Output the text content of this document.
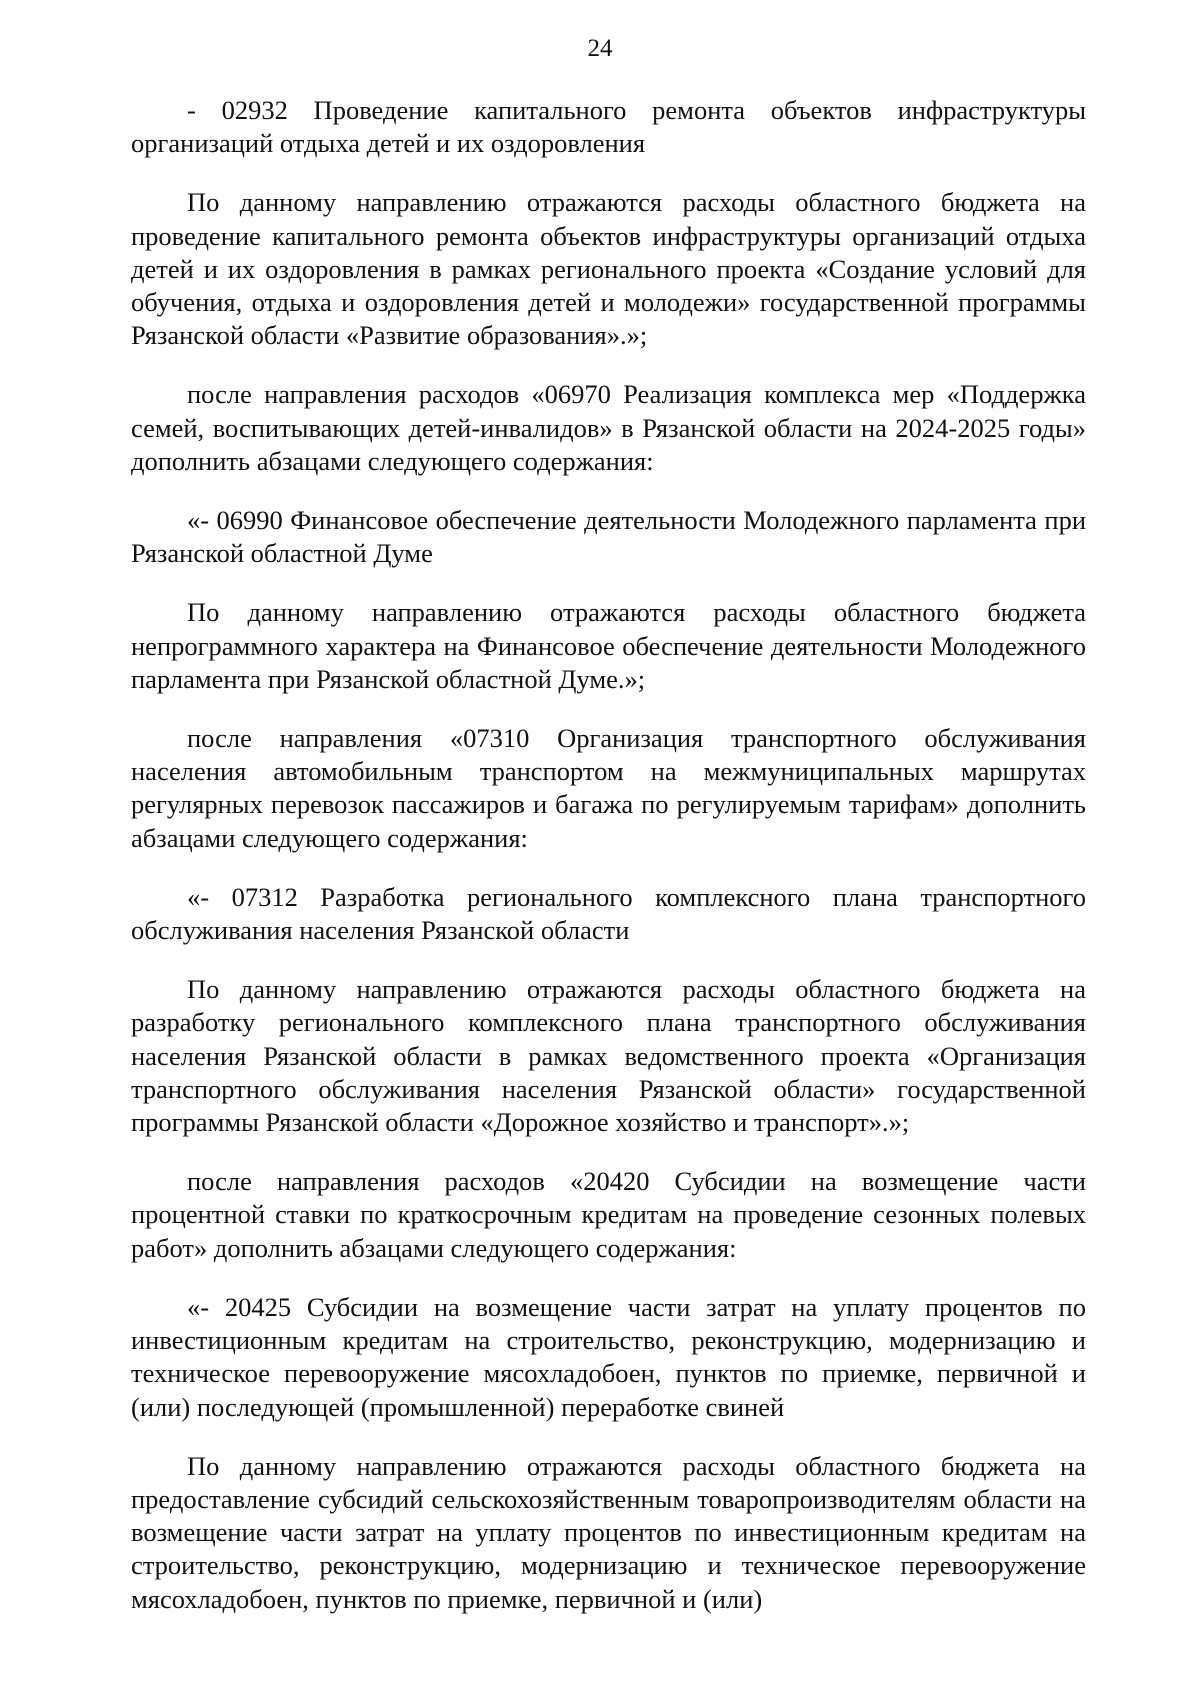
24

- 02932 Проведение капитального ремонта объектов инфраструктуры организаций отдыха детей и их оздоровления

По данному направлению отражаются расходы областного бюджета на проведение капитального ремонта объектов инфраструктуры организаций отдыха детей и их оздоровления в рамках регионального проекта «Создание условий для обучения, отдыха и оздоровления детей и молодежи» государственной программы Рязанской области «Развитие образования».»;

после направления расходов «06970 Реализация комплекса мер «Поддержка семей, воспитывающих детей-инвалидов» в Рязанской области на 2024-2025 годы» дополнить абзацами следующего содержания:

«- 06990 Финансовое обеспечение деятельности Молодежного парламента при Рязанской областной Думе

По данному направлению отражаются расходы областного бюджета непрограммного характера на Финансовое обеспечение деятельности Молодежного парламента при Рязанской областной Думе.»;

после направления «07310 Организация транспортного обслуживания населения автомобильным транспортом на межмуниципальных маршрутах регулярных перевозок пассажиров и багажа по регулируемым тарифам» дополнить абзацами следующего содержания:

«- 07312 Разработка регионального комплексного плана транспортного обслуживания населения Рязанской области

По данному направлению отражаются расходы областного бюджета на разработку регионального комплексного плана транспортного обслуживания населения Рязанской области в рамках ведомственного проекта «Организация транспортного обслуживания населения Рязанской области» государственной программы Рязанской области «Дорожное хозяйство и транспорт».»;

после направления расходов «20420 Субсидии на возмещение части процентной ставки по краткосрочным кредитам на проведение сезонных полевых работ» дополнить абзацами следующего содержания:

«- 20425 Субсидии на возмещение части затрат на уплату процентов по инвестиционным кредитам на строительство, реконструкцию, модернизацию и техническое перевооружение мясохладобоен, пунктов по приемке, первичной и (или) последующей (промышленной) переработке свиней

По данному направлению отражаются расходы областного бюджета на предоставление субсидий сельскохозяйственным товаропроизводителям области на возмещение части затрат на уплату процентов по инвестиционным кредитам на строительство, реконструкцию, модернизацию и техническое перевооружение мясохладобоен, пунктов по приемке, первичной и (или)
